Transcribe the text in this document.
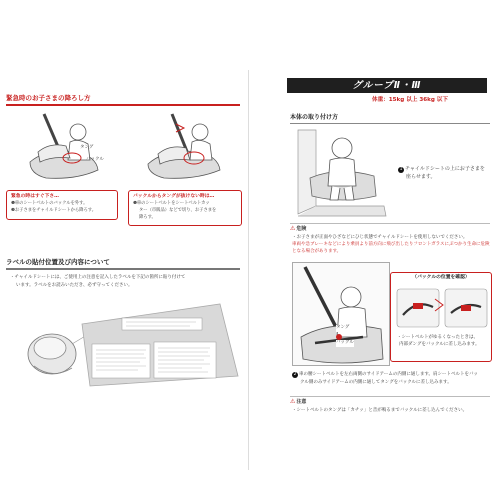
緊急時のお子さまの降ろし方
タング
バックル
緊急の時はすぐ下さ…
❶車のシートベルトのバックルを外す。
❷お子さまをチャイルドシートから降ろす。
バックルからタングが抜けない時は…
❶車のシートベルトをシートベルトカッ
ター（市販品）などで切り、お子さまを
降ろす。
ラベルの貼付位置及び内容について
・チャイルドシートには、ご使用上の注意を記入したラベルを下記の箇所に貼り付けて
います。ラベルをお読みいただき、必ず守ってください。
グループⅡ・Ⅲ
体重：15kg 以上 36kg 以下
本体の取り付け方
1 チャイルドシートの上にお子さまを
座らせます。
⚠危険
・お子さまが正面やひざなどにひじ状態でチャイルドシートを使用しないでください。
車両や急ブレーキなどにより乗員より前方向に飛び出したりフロントガラスにぶつかり生命に危険となる場合があります。
タング
バックル
（バックルの位置を確認）
・シートベルトがゆるくなったときは、
内部ダングをバックルに差し込みます。
2 車の腰シートベルトを左右両側のサイドアームの内側に通します。肩シートベルトをバッ
クル側のみサイドアームの内側に通してタングをバックルに差し込みます。
⚠注意
・シートベルトのタングは「カチッ」と音が鳴るまでバックルに差し込んでください。
